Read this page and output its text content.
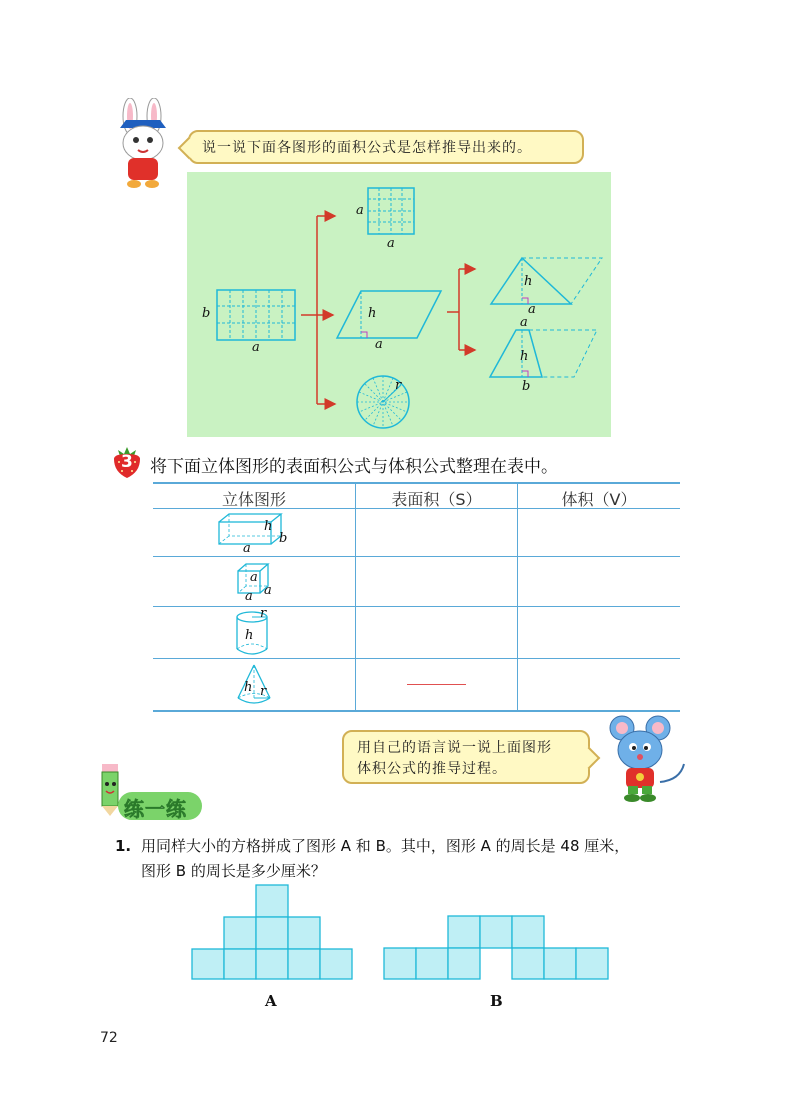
说一说下面各图形的面积公式是怎样推导出来的。
b
a
a
a
h
a
r
h
a
a
h
b
3 将下面立体图形的表面积公式与体积公式整理在表中。
立体图形	表面积（S）	体积（V）
h
a
b
a
a a
r
h
h r
用自己的语言说一说上面图形
体积公式的推导过程。
练一练
1. 用同样大小的方格拼成了图形 A 和 B。其中，图形 A 的周长是 48 厘米，
图形 B 的周长是多少厘米？
A	B
72
